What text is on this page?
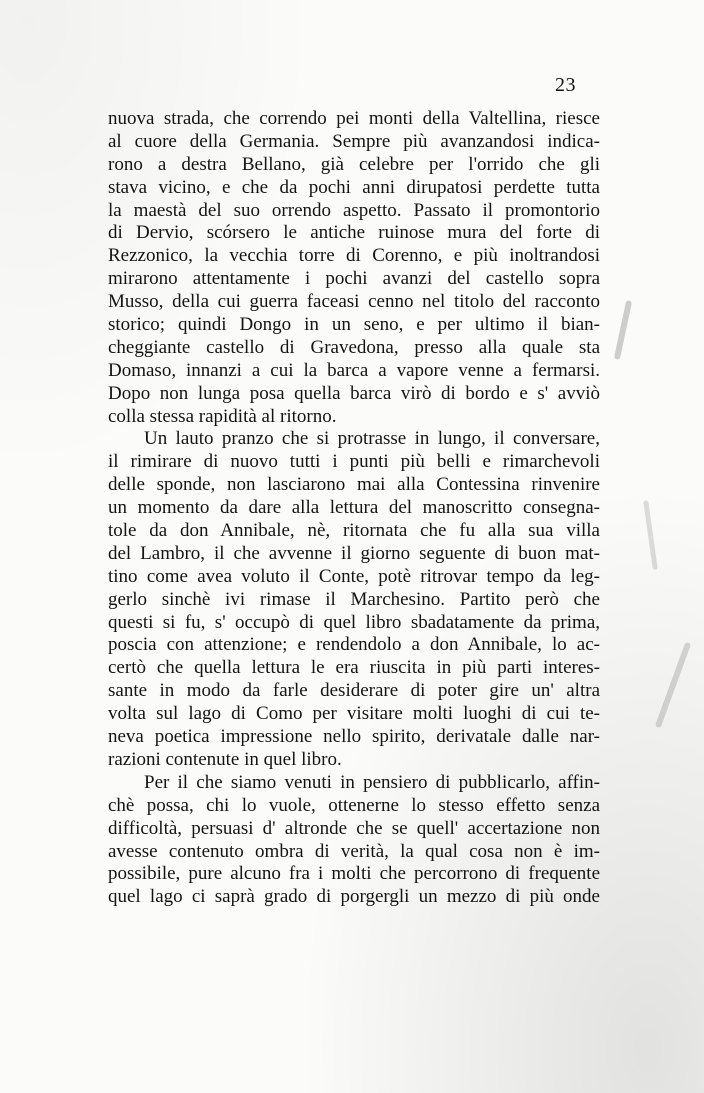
23
nuova strada, che correndo pei monti della Valtellina, riesce
al cuore della Germania. Sempre più avanzandosi indica-
rono a destra Bellano, già celebre per l'orrido che gli
stava vicino, e che da pochi anni dirupatosi perdette tutta
la maestà del suo orrendo aspetto. Passato il promontorio
di Dervio, scórsero le antiche ruinose mura del forte di
Rezzonico, la vecchia torre di Corenno, e più inoltrandosi
mirarono attentamente i pochi avanzi del castello sopra
Musso, della cui guerra faceasi cenno nel titolo del racconto
storico; quindi Dongo in un seno, e per ultimo il bian-
cheggiante castello di Gravedona, presso alla quale sta
Domaso, innanzi a cui la barca a vapore venne a fermarsi.
Dopo non lunga posa quella barca virò di bordo e s' avviò
colla stessa rapidità al ritorno.
Un lauto pranzo che si protrasse in lungo, il conversare,
il rimirare di nuovo tutti i punti più belli e rimarchevoli
delle sponde, non lasciarono mai alla Contessina rinvenire
un momento da dare alla lettura del manoscritto consegna-
tole da don Annibale, nè, ritornata che fu alla sua villa
del Lambro, il che avvenne il giorno seguente di buon mat-
tino come avea voluto il Conte, potè ritrovar tempo da leg-
gerlo sinchè ivi rimase il Marchesino. Partito però che
questi si fu, s' occupò di quel libro sbadatamente da prima,
poscia con attenzione; e rendendolo a don Annibale, lo ac-
certò che quella lettura le era riuscita in più parti interes-
sante in modo da farle desiderare di poter gire un' altra
volta sul lago di Como per visitare molti luoghi di cui te-
neva poetica impressione nello spirito, derivatale dalle nar-
razioni contenute in quel libro.
Per il che siamo venuti in pensiero di pubblicarlo, affin-
chè possa, chi lo vuole, ottenerne lo stesso effetto senza
difficoltà, persuasi d' altronde che se quell' accertazione non
avesse contenuto ombra di verità, la qual cosa non è im-
possibile, pure alcuno fra i molti che percorrono di frequente
quel lago ci saprà grado di porgergli un mezzo di più onde
